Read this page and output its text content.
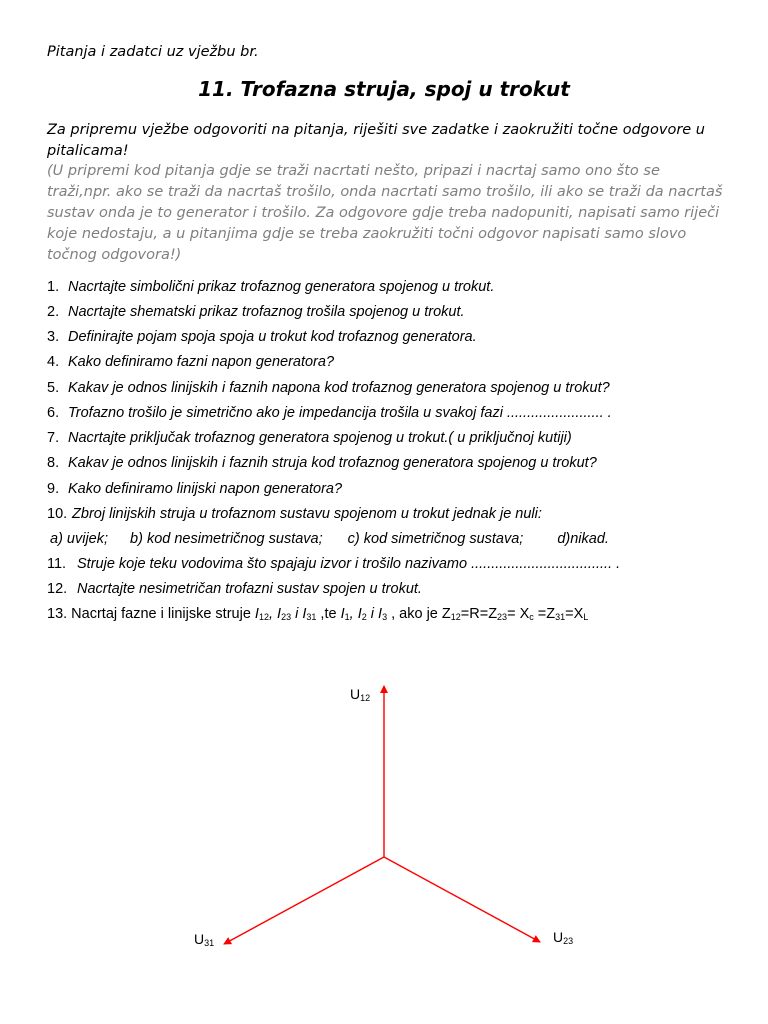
Pitanja i zadatci uz vježbu br.
11. Trofazna struja, spoj u trokut
Za pripremu vježbe odgovoriti na pitanja, riješiti sve zadatke i zaokružiti točne odgovore u pitalicama!
(U pripremi kod pitanja gdje se traži nacrtati nešto, pripazi i nacrtaj samo ono što se traži,npr. ako se traži da nacrtaš trošilo, onda nacrtati samo trošilo, ili ako se traži da nacrtaš sustav onda je to generator i trošilo. Za odgovore gdje treba nadopuniti, napisati samo riječi koje nedostaju, a u pitanjima gdje se treba zaokružiti točni odgovor napisati samo slovo točnog odgovora!)
1. Nacrtajte simbolični prikaz trofaznog generatora spojenog u trokut.
2. Nacrtajte shematski prikaz trofaznog trošila spojenog u trokut.
3. Definirajte pojam spoja spoja u trokut kod trofaznog generatora.
4. Kako definiramo fazni napon generatora?
5. Kakav je odnos linijskih i faznih napona kod trofaznog generatora spojenog u trokut?
6. Trofazno trošilo je simetrično ako je impedancija trošila u svakoj fazi ........................ .
7. Nacrtajte priključak trofaznog generatora spojenog u trokut.( u priključnoj kutiji)
8. Kakav je odnos linijskih i faznih struja kod trofaznog generatora spojenog u trokut?
9. Kako definiramo linijski napon generatora?
10. Zbroj linijskih struja u trofaznom sustavu spojenom u trokut jednak je nuli:
a) uvijek; b) kod nesimetričnog sustava; c) kod simetričnog sustava; d)nikad.
11. Struje koje teku vodovima što spajaju izvor i trošilo nazivamo ................................... .
12. Nacrtajte nesimetričan trofazni sustav spojen u trokut.
13. Nacrtaj fazne i linijske struje $I_{12}$, $I_{23}$ i $I_{31}$ ,te $I_1$, $I_2$ i $I_3$ , ako je $Z_{12}=R=Z_{23}= X_c =Z_{31}=X_L$
$U_{12}$
$U_{23}$
$U_{31}$
